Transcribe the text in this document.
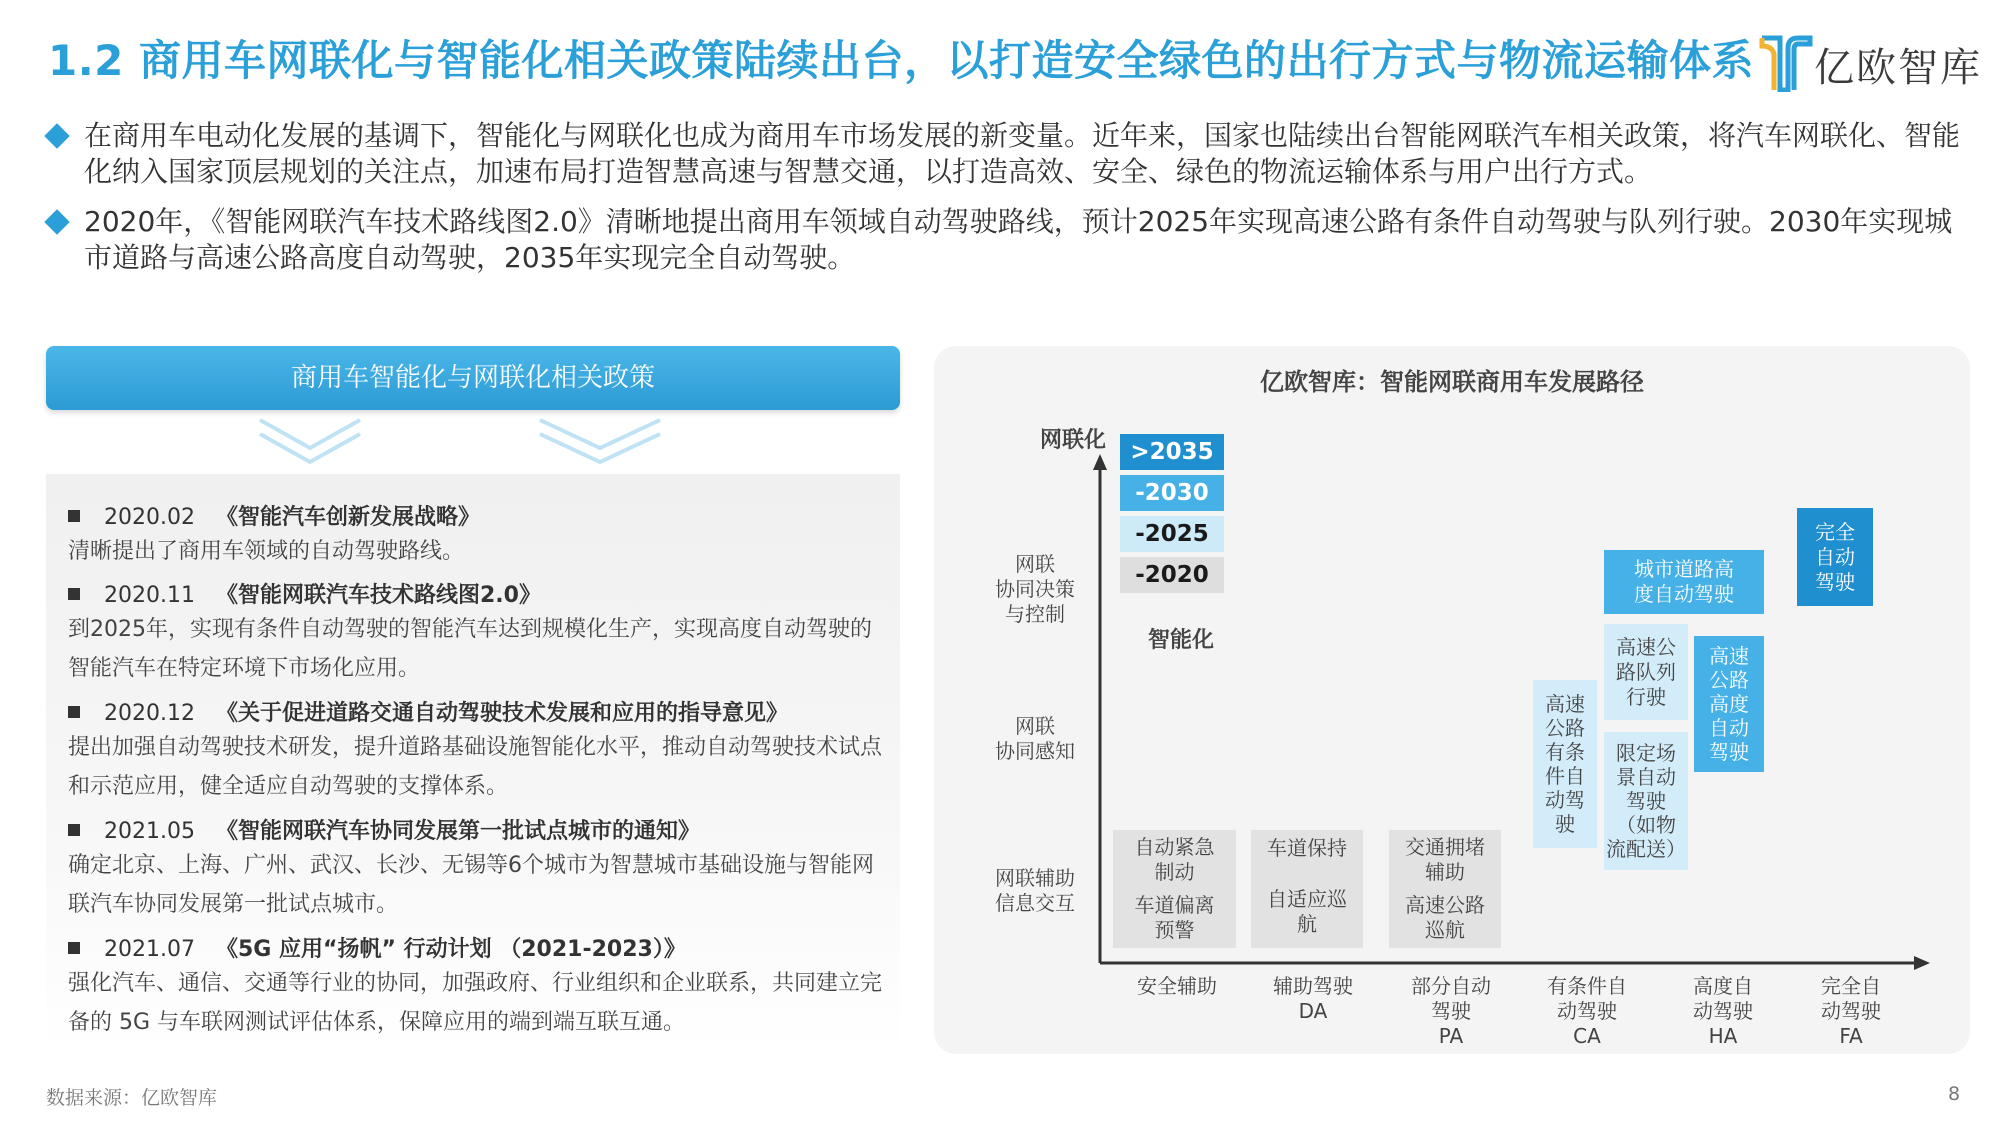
1.2 商用车网联化与智能化相关政策陆续出台，以打造安全绿色的出行方式与物流运输体系 亿欧智库
在商用车电动化发展的基调下，智能化与网联化也成为商用车市场发展的新变量。近年来，国家也陆续出台智能网联汽车相关政策，将汽车网联化、智能化纳入国家顶层规划的关注点，加速布局打造智慧高速与智慧交通，以打造高效、安全、绿色的物流运输体系与用户出行方式。
2020年，《智能网联汽车技术路线图2.0》清晰地提出商用车领域自动驾驶路线，预计2025年实现高速公路有条件自动驾驶与队列行驶。2030年实现城市道路与高速公路高度自动驾驶，2035年实现完全自动驾驶。
商用车智能化与网联化相关政策
2020.02 《智能汽车创新发展战略》
清晰提出了商用车领域的自动驾驶路线。
2020.11 《智能网联汽车技术路线图2.0》
到2025年，实现有条件自动驾驶的智能汽车达到规模化生产，实现高度自动驾驶的智能汽车在特定环境下市场化应用。
2020.12 《关于促进道路交通自动驾驶技术发展和应用的指导意见》
提出加强自动驾驶技术研发，提升道路基础设施智能化水平，推动自动驾驶技术试点和示范应用，健全适应自动驾驶的支撑体系。
2021.05 《智能网联汽车协同发展第一批试点城市的通知》
确定北京、上海、广州、武汉、长沙、无锡等6个城市为智慧城市基础设施与智能网联汽车协同发展第一批试点城市。
2021.07 《5G 应用“扬帆” 行动计划 （2021-2023）》
强化汽车、通信、交通等行业的协同，加强政府、行业组织和企业联系，共同建立完备的 5G 与车联网测试评估体系，保障应用的端到端互联互通。
亿欧智库：智能网联商用车发展路径
网联化
智能化
网联
协同决策
与控制
网联
协同感知
网联辅助
信息交互
安全辅助	辅助驾驶
DA
部分自动
驾驶
PA
有条件自
动驾驶
CA
高度自
动驾驶
HA
完全自
动驾驶
FA
>2035
-2030
-2025
-2020
自动紧急
制动
车道偏离
预警
车道保持
自适应巡
航
交通拥堵
辅助
高速公路
巡航
高速
公路
有条
件自
动驾
驶
高速公
路队列
行驶
限定场
景自动
驾驶
（如物
流配送）
高速
公路
高度
自动
驾驶
城市道路高
度自动驾驶
完全
自动
驾驶
数据来源：亿欧智库	8
